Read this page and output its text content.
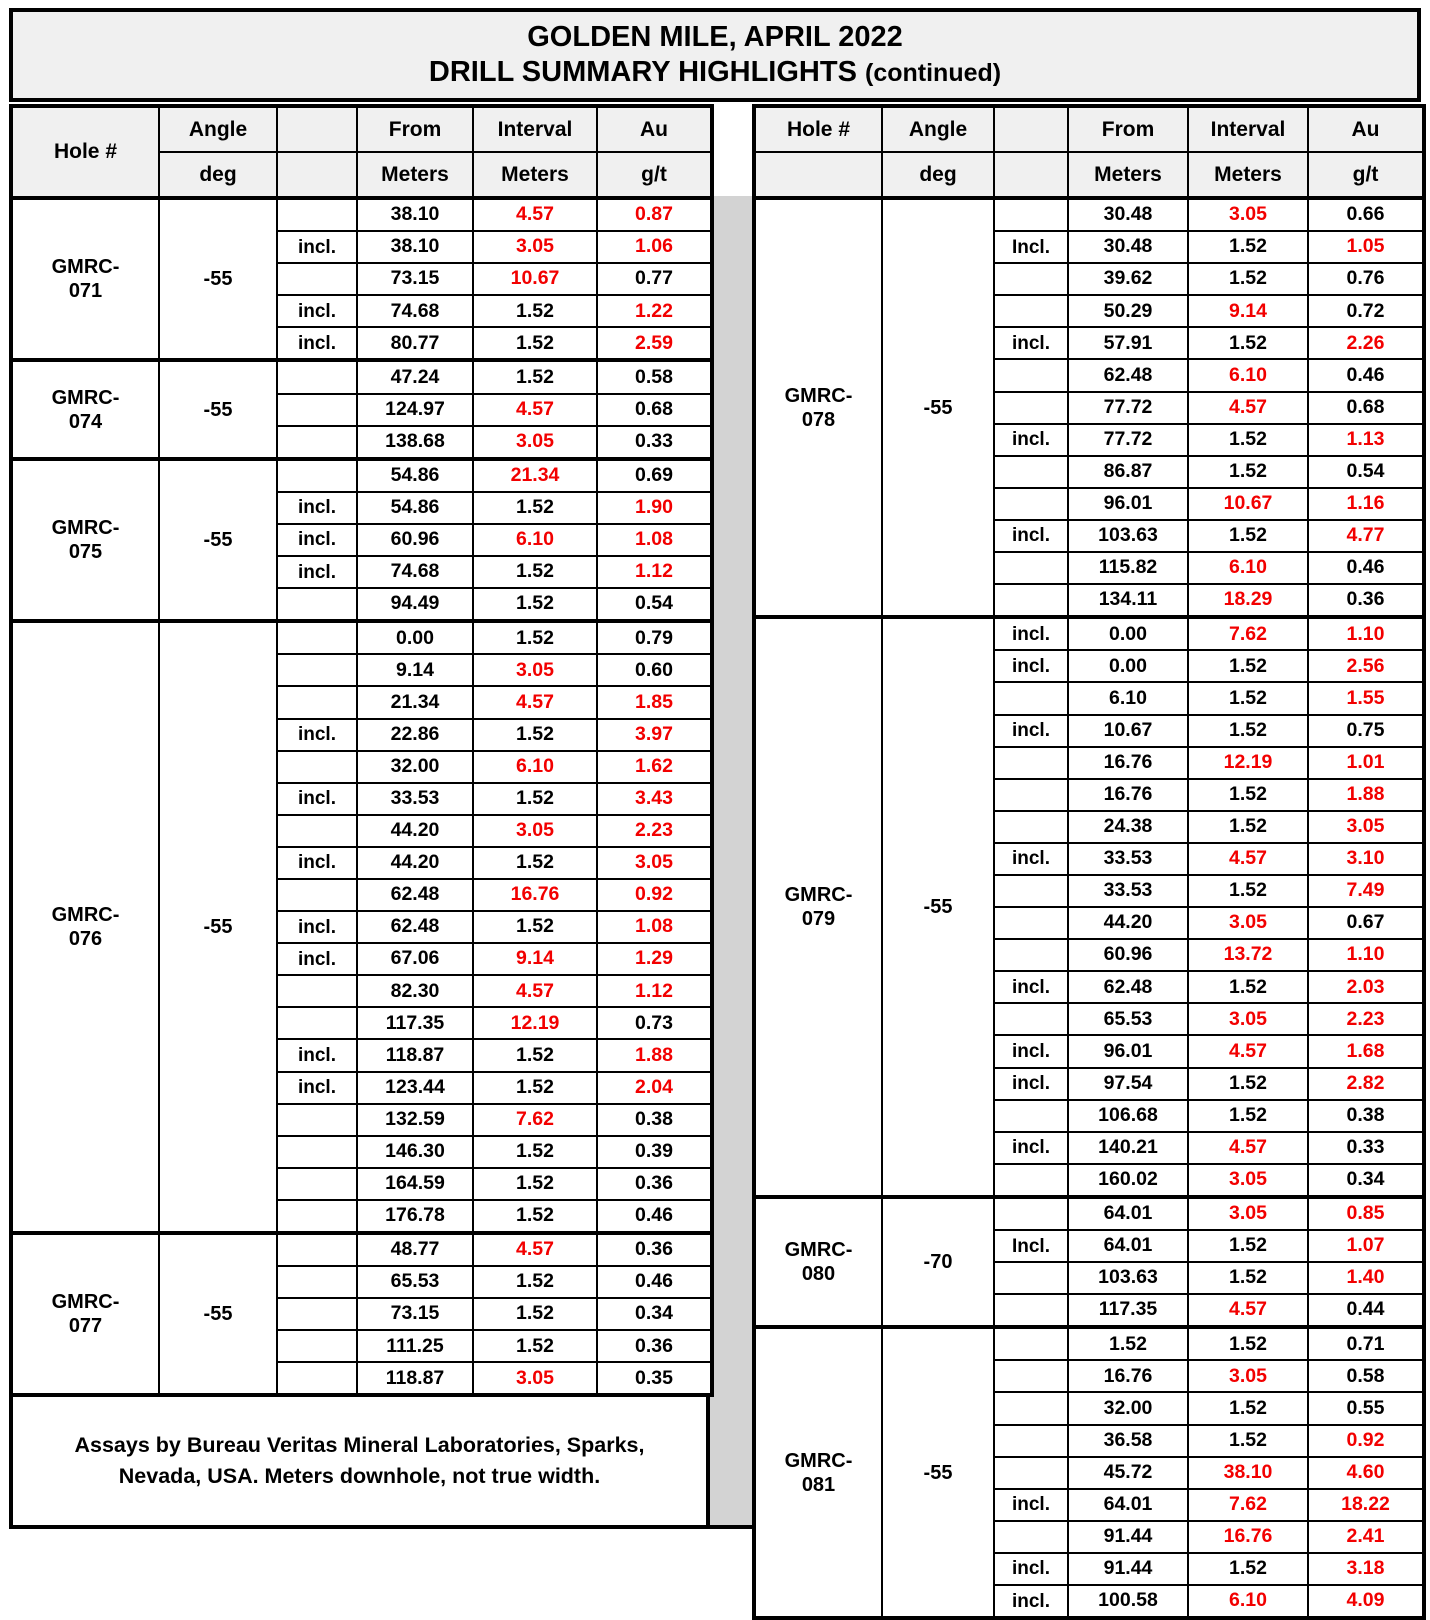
GOLDEN MILE, APRIL 2022
DRILL SUMMARY HIGHLIGHTS (continued)
Hole #	Angle		From	Interval	Au
	deg		Meters	Meters	g/t

GMRC-
071	-55		38.10	4.57	0.87
		incl.	38.10	3.05	1.06
			73.15	10.67	0.77
		incl.	74.68	1.52	1.22
		incl.	80.77	1.52	2.59

GMRC-
074	-55		47.24	1.52	0.58
			124.97	4.57	0.68
			138.68	3.05	0.33

GMRC-
075	-55		54.86	21.34	0.69
		incl.	54.86	1.52	1.90
		incl.	60.96	6.10	1.08
		incl.	74.68	1.52	1.12
			94.49	1.52	0.54

GMRC-
076	-55		0.00	1.52	0.79
			9.14	3.05	0.60
			21.34	4.57	1.85
		incl.	22.86	1.52	3.97
			32.00	6.10	1.62
		incl.	33.53	1.52	3.43
			44.20	3.05	2.23
		incl.	44.20	1.52	3.05
			62.48	16.76	0.92
		incl.	62.48	1.52	1.08
		incl.	67.06	9.14	1.29
			82.30	4.57	1.12
			117.35	12.19	0.73
		incl.	118.87	1.52	1.88
		incl.	123.44	1.52	2.04
			132.59	7.62	0.38
			146.30	1.52	0.39
			164.59	1.52	0.36
			176.78	1.52	0.46

GMRC-
077	-55		48.77	4.57	0.36
			65.53	1.52	0.46
			73.15	1.52	0.34
			111.25	1.52	0.36
			118.87	3.05	0.35
Assays by Bureau Veritas Mineral Laboratories, Sparks, Nevada, USA. Meters downhole, not true width.
Hole #	Angle		From	Interval	Au
	deg		Meters	Meters	g/t

GMRC-
078	-55		30.48	3.05	0.66
		Incl.	30.48	1.52	1.05
			39.62	1.52	0.76
			50.29	9.14	0.72
		incl.	57.91	1.52	2.26
			62.48	6.10	0.46
			77.72	4.57	0.68
		incl.	77.72	1.52	1.13
			86.87	1.52	0.54
			96.01	10.67	1.16
		incl.	103.63	1.52	4.77
			115.82	6.10	0.46
			134.11	18.29	0.36

GMRC-
079	-55	incl.	0.00	7.62	1.10
		incl.	0.00	1.52	2.56
			6.10	1.52	1.55
		incl.	10.67	1.52	0.75
			16.76	12.19	1.01
			16.76	1.52	1.88
			24.38	1.52	3.05
		incl.	33.53	4.57	3.10
			33.53	1.52	7.49
			44.20	3.05	0.67
			60.96	13.72	1.10
		incl.	62.48	1.52	2.03
			65.53	3.05	2.23
		incl.	96.01	4.57	1.68
		incl.	97.54	1.52	2.82
			106.68	1.52	0.38
		incl.	140.21	4.57	0.33
			160.02	3.05	0.34

GMRC-
080	-70		64.01	3.05	0.85
		Incl.	64.01	1.52	1.07
			103.63	1.52	1.40
			117.35	4.57	0.44

GMRC-
081	-55		1.52	1.52	0.71
			16.76	3.05	0.58
			32.00	1.52	0.55
			36.58	1.52	0.92
			45.72	38.10	4.60
		incl.	64.01	7.62	18.22
			91.44	16.76	2.41
		incl.	91.44	1.52	3.18
		incl.	100.58	6.10	4.09
